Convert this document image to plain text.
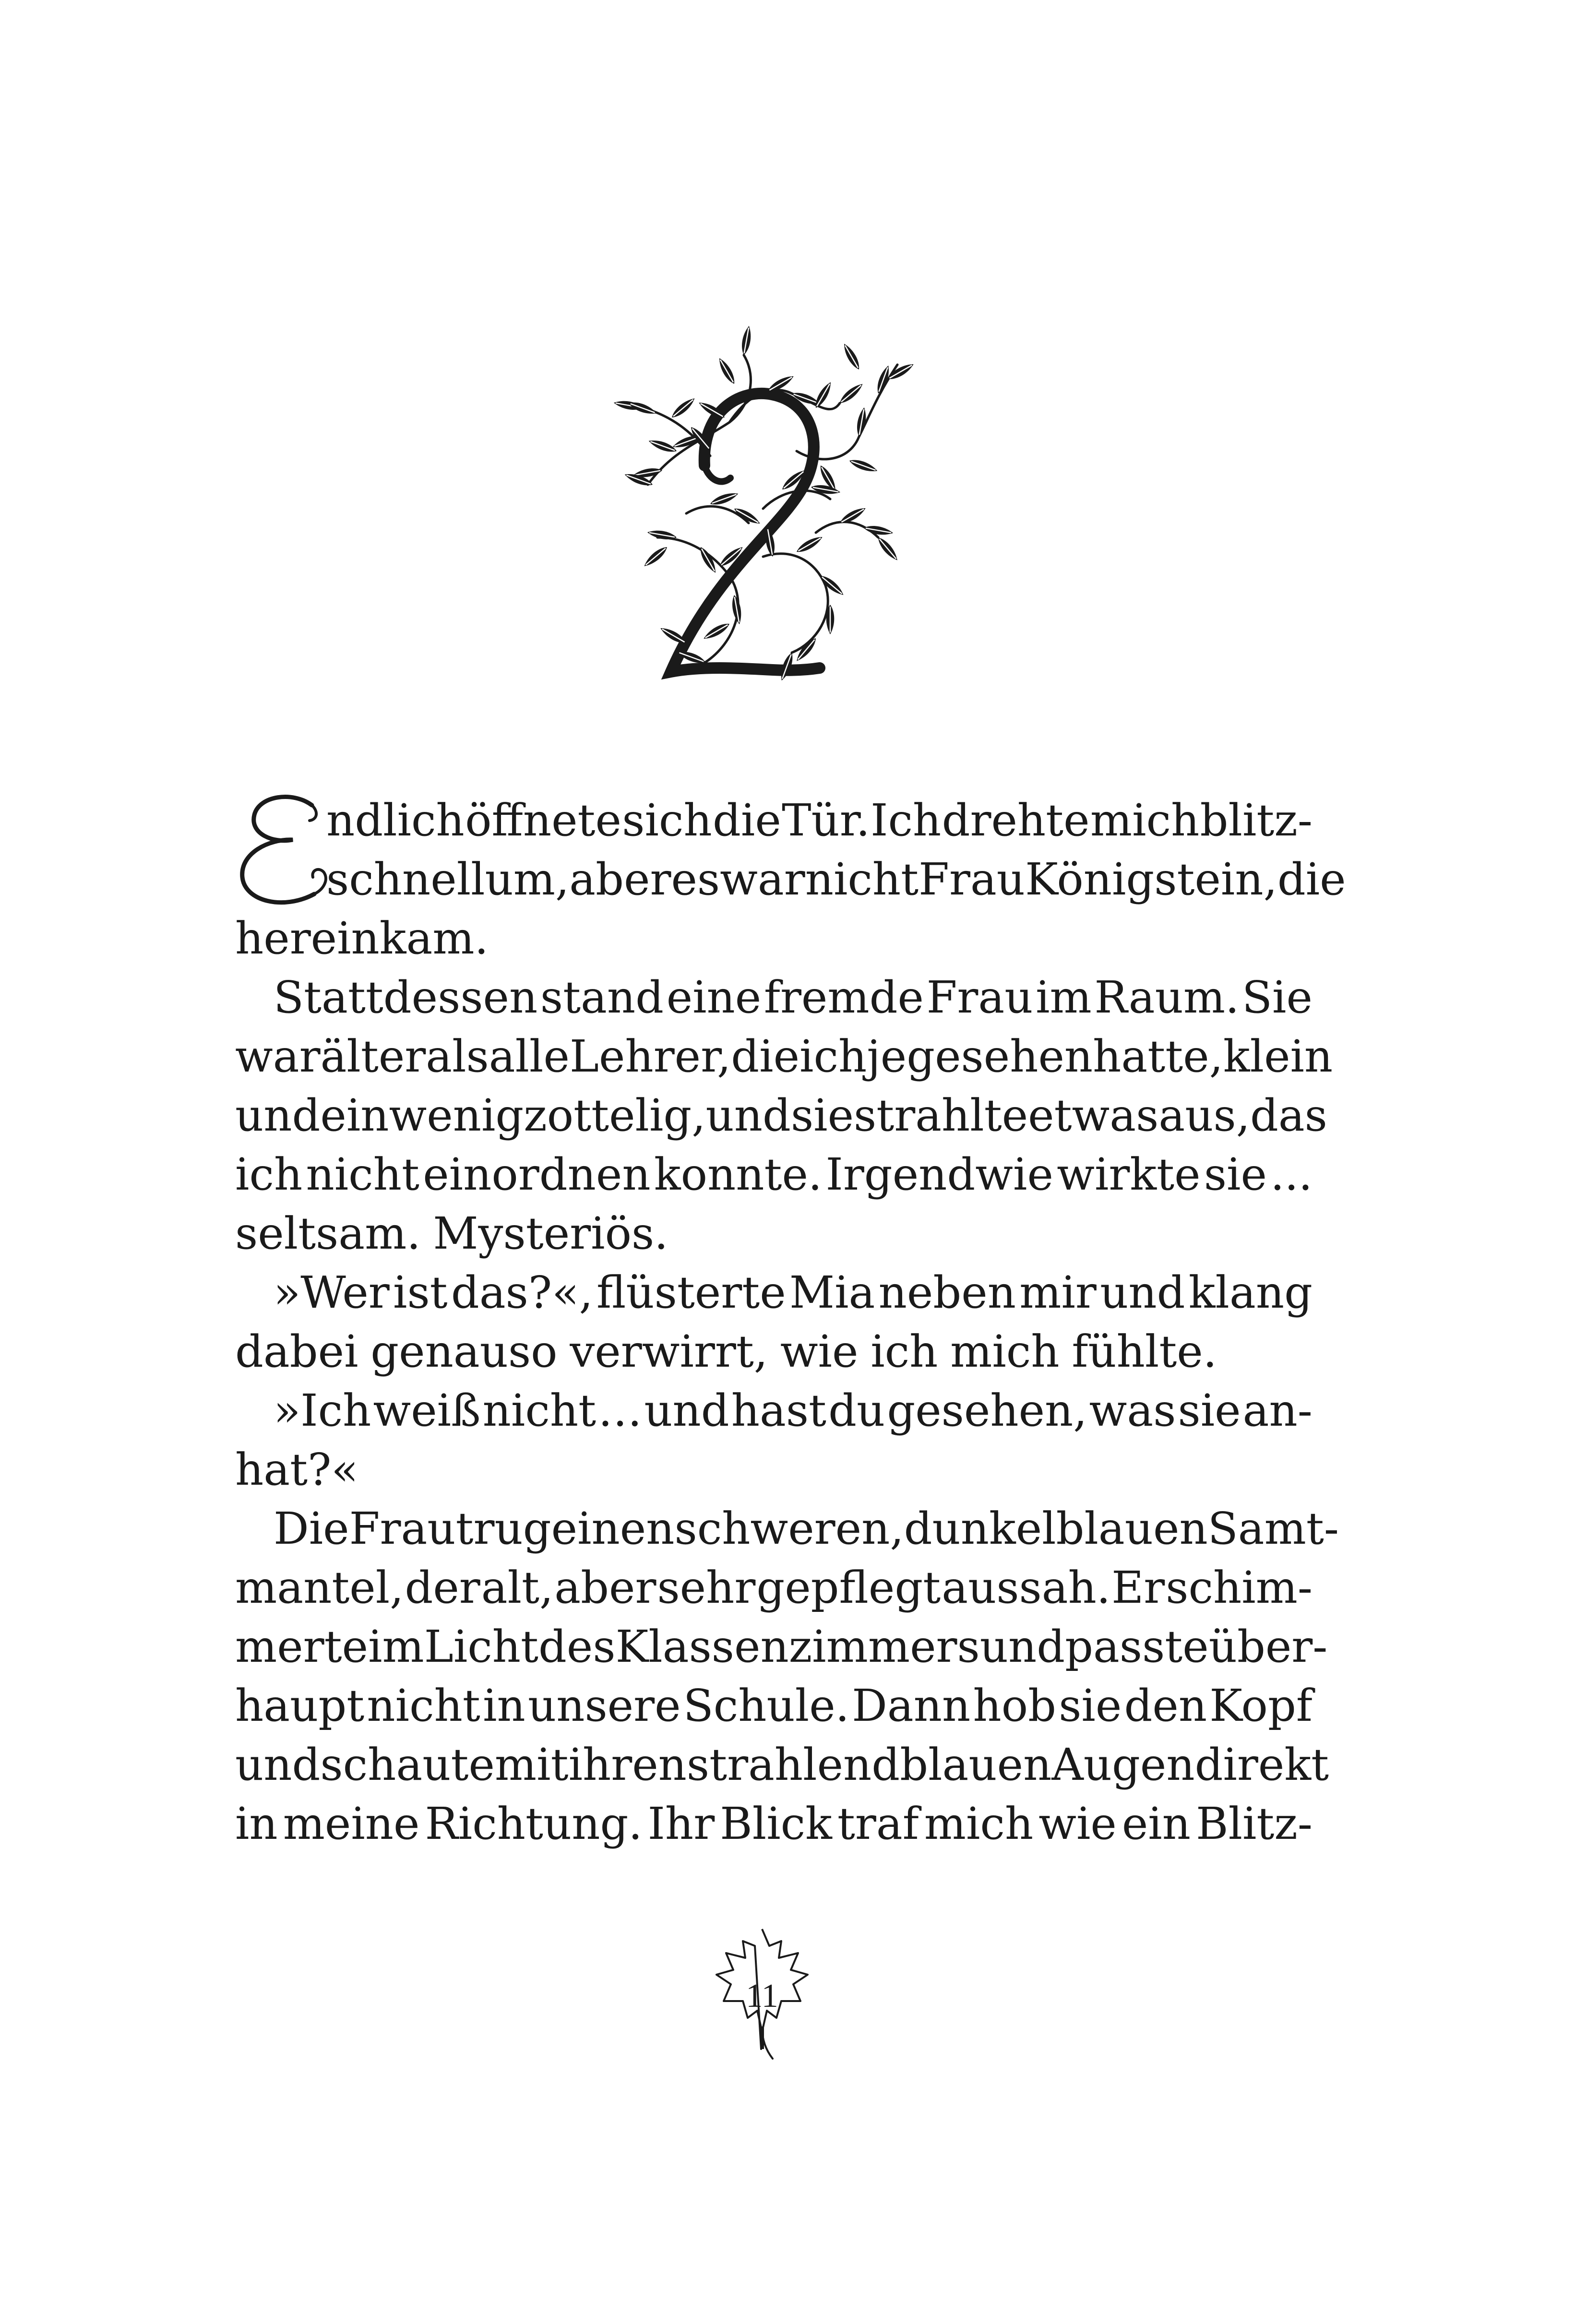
E
ndlich öffnete sich die Tür. Ich drehte mich blitz-
schnell um, aber es war nicht Frau Königstein, die
hereinkam.
Stattdessen stand eine fremde Frau im Raum. Sie
war älter als alle Lehrer, die ich je gesehen hatte, klein
und ein wenig zottelig, und sie strahlte etwas aus, das
ich nicht einordnen konnte. Irgendwie wirkte sie ...
seltsam. Mysteriös.
»Wer ist das?«, flüsterte Mia neben mir und klang
dabei genauso verwirrt, wie ich mich fühlte.
»Ich weiß nicht … und hast du gesehen, was sie an-
hat?«
Die Frau trug einen schweren, dunkelblauen Samt-
mantel, der alt, aber sehr gepflegt aussah. Er schim-
merte im Licht des Klassenzimmers und passte über-
haupt nicht in unsere Schule. Dann hob sie den Kopf
und schaute mit ihren strahlend blauen Augen direkt
in meine Richtung. Ihr Blick traf mich wie ein Blitz-
11
